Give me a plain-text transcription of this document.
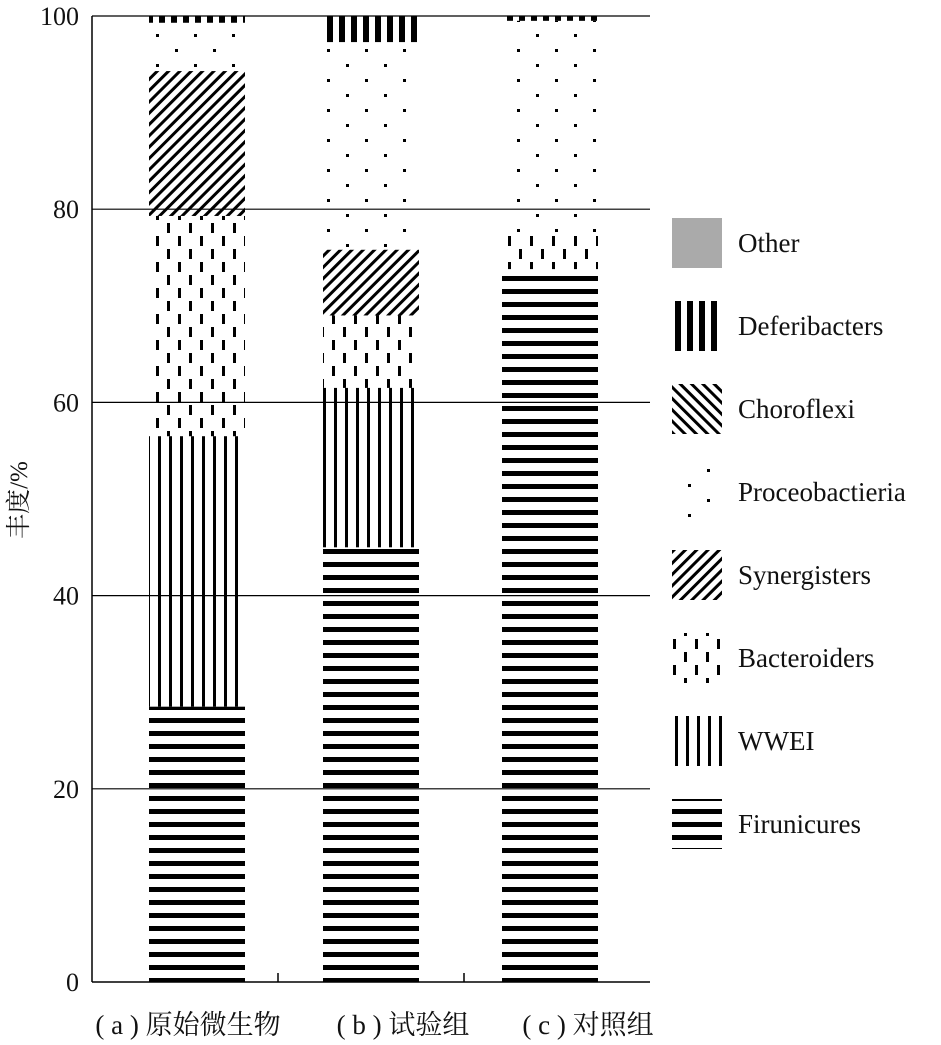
0
20
40
60
80
100
( a ) 原始微生物 ( b ) 试验组 ( c ) 对照组
丰度/%
Other
Deferibacters
Choroflexi
Proceobactieria
Synergisters
Bacteroiders
WWEI
Firunicures
